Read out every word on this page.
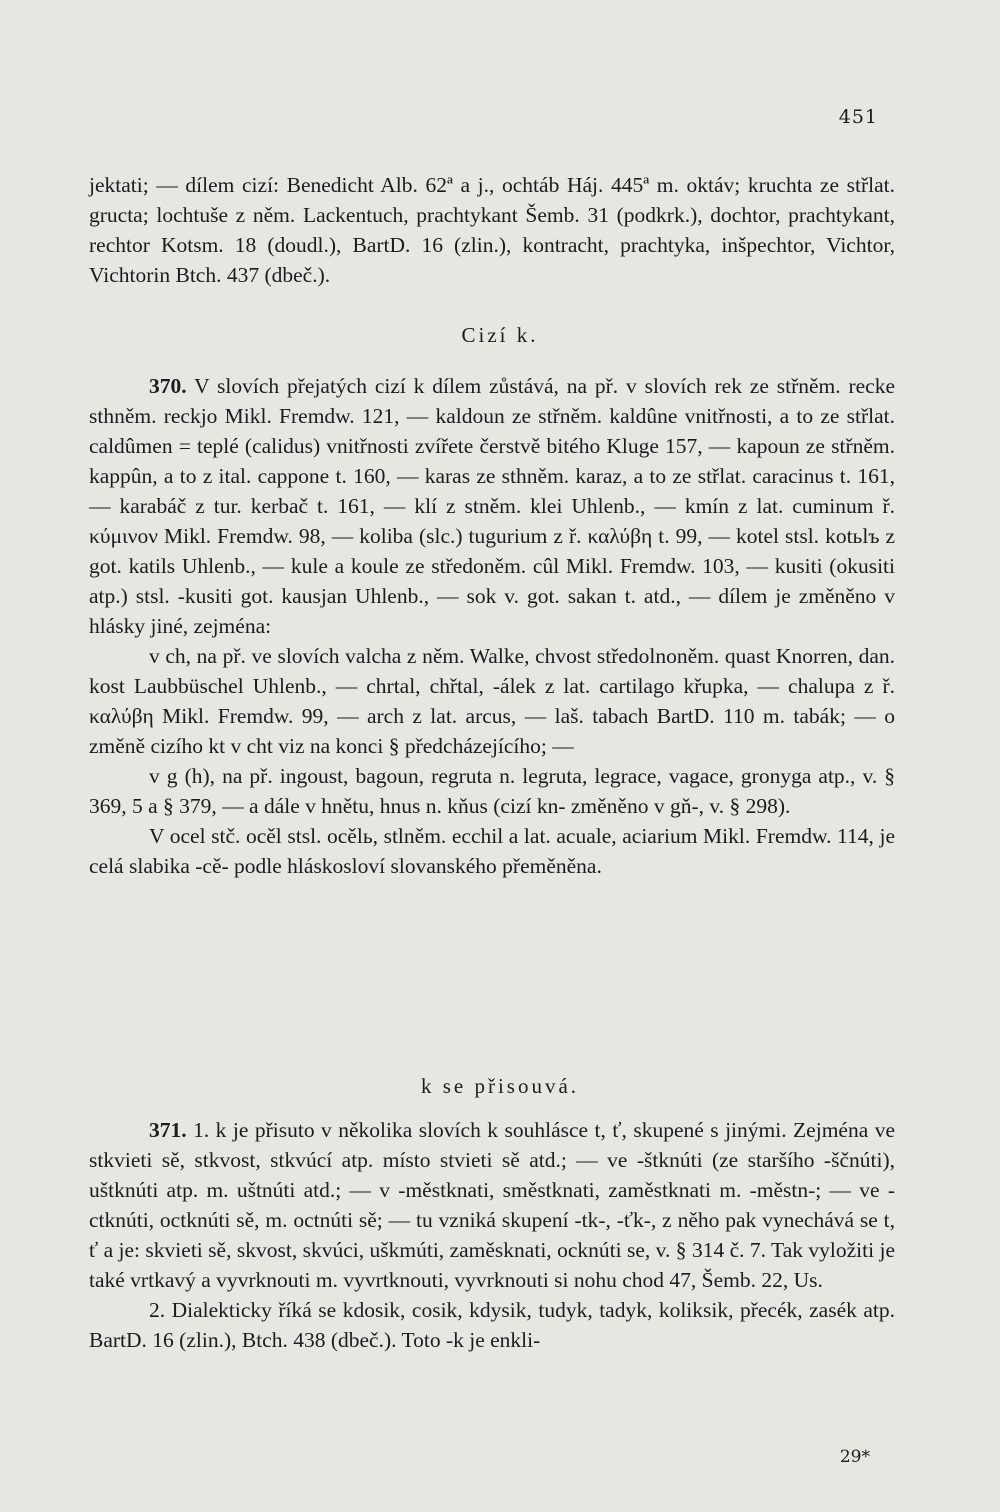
451

jektati; — dílem cizí: Benedicht Alb. 62ª a j., ochtáb Háj. 445ª m. oktáv; kruchta ze střlat. gructa; lochtuše z něm. Lackentuch, prachtykant Šemb. 31 (podkrk.), dochtor, prachtykant, rechtor Kotsm. 18 (doudl.), BartD. 16 (zlin.), kontracht, prachtyka, inšpechtor, Vichtor, Vichtorin Btch. 437 (dbeč.).

Cizí k.

370. V slovích přejatých cizí k dílem zůstává, na př. v slovích rek ze střněm. recke sthněm. reckjo Mikl. Fremdw. 121, — kaldoun ze střněm. kaldûne vnitřnosti, a to ze střlat. caldûmen = teplé (calidus) vnitřnosti zvířete čerstvě bitého Kluge 157, — kapoun ze střněm. kappûn, a to z ital. cappone t. 160, — karas ze sthněm. karaz, a to ze střlat. caracinus t. 161, — karabáč z tur. kerbač t. 161, — klí z stněm. klei Uhlenb., — kmín z lat. cuminum ř. κύμινον Mikl. Fremdw. 98, — koliba (slc.) tugurium z ř. καλύβη t. 99, — kotel stsl. kotьlъ z got. katils Uhlenb., — kule a koule ze středoněm. cûl Mikl. Fremdw. 103, — kusiti (okusiti atp.) stsl. -kusiti got. kausjan Uhlenb., — sok v. got. sakan t. atd., — dílem je změněno v hlásky jiné, zejména:

v ch, na př. ve slovích valcha z něm. Walke, chvost středolnoněm. quast Knorren, dan. kost Laubbüschel Uhlenb., — chrtal, chřtal, -álek z lat. cartilago křupka, — chalupa z ř. καλύβη Mikl. Fremdw. 99, — arch z lat. arcus, — laš. tabach BartD. 110 m. tabák; — o změně cizího kt v cht viz na konci § předcházejícího; —

v g (h), na př. ingoust, bagoun, regruta n. legruta, legrace, vagace, gronyga atp., v. § 369, 5 a § 379, — a dále v hnětu, hnus n. kňus (cizí kn- změněno v gň-, v. § 298).

V ocel stč. ocěl stsl. ocělь, stlněm. ecchil a lat. acuale, aciarium Mikl. Fremdw. 114, je celá slabika -cě- podle hláskosloví slovanského přeměněna.

k se přisouvá.

371. 1. k je přisuto v několika slovích k souhlásce t, ť, skupené s jinými. Zejména ve stkvieti sě, stkvost, stkvúcí atp. místo stvieti sě atd.; — ve -štknúti (ze staršího -ščnúti), uštknúti atp. m. uštnúti atd.; — v -městknati, směstknati, zaměstknati m. -městn-; — ve -ctknúti, octknúti sě, m. octnúti sě; — tu vzniká skupení -tk-, -ťk-, z něho pak vynechává se t, ť a je: skvieti sě, skvost, skvúci, uškmúti, zaměsknati, ocknúti se, v. § 314 č. 7. Tak vyložiti je také vrtkavý a vyvrknouti m. vyvrtknouti, vyvrknouti si nohu chod 47, Šemb. 22, Us.

2. Dialekticky říká se kdosik, cosik, kdysik, tudyk, tadyk, koliksik, přecék, zasék atp. BartD. 16 (zlin.), Btch. 438 (dbeč.). Toto -k je enkli-

29*
